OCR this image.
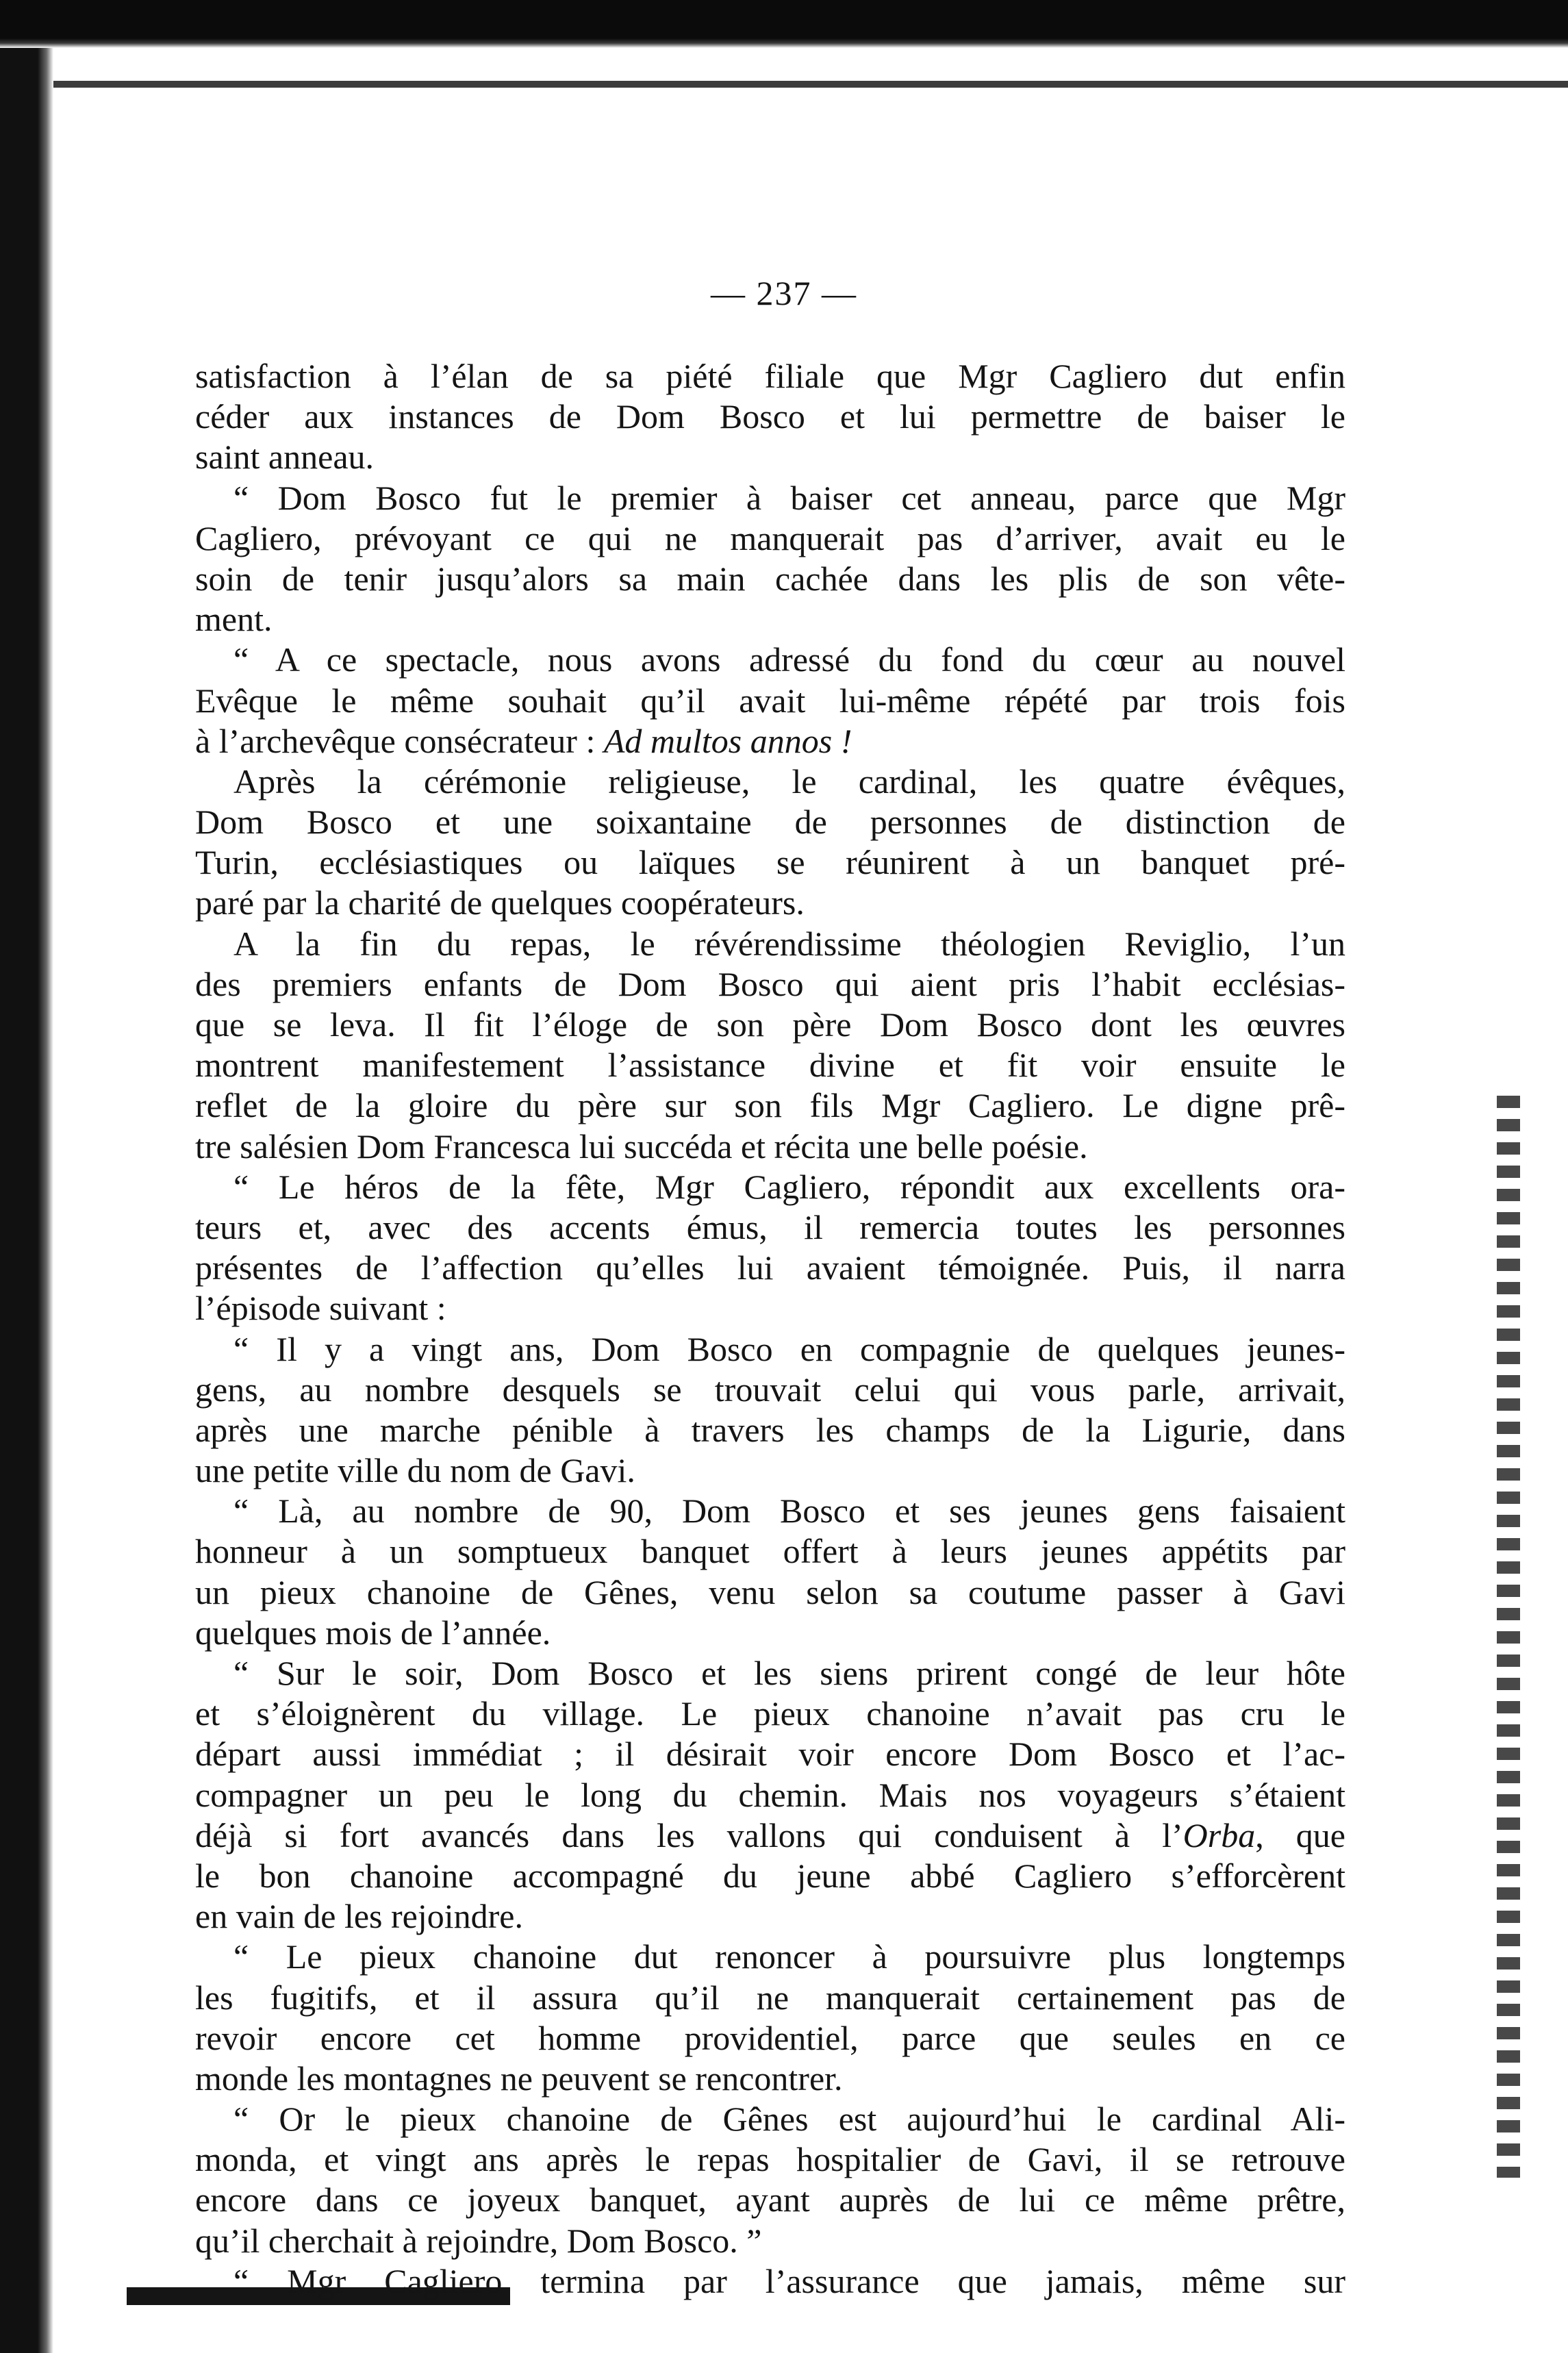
— 237 —
satisfaction à l’élan de sa piété filiale que Mgr Cagliero dut enfin
céder aux instances de Dom Bosco et lui permettre de baiser le
saint anneau.
“ Dom Bosco fut le premier à baiser cet anneau, parce que Mgr
Cagliero, prévoyant ce qui ne manquerait pas d’arriver, avait eu le
soin de tenir jusqu’alors sa main cachée dans les plis de son vête-
ment.
“ A ce spectacle, nous avons adressé du fond du cœur au nouvel
Evêque le même souhait qu’il avait lui-même répété par trois fois
à l’archevêque consécrateur : Ad multos annos !
Après la cérémonie religieuse, le cardinal, les quatre évêques,
Dom Bosco et une soixantaine de personnes de distinction de
Turin, ecclésiastiques ou laïques se réunirent à un banquet pré-
paré par la charité de quelques coopérateurs.
A la fin du repas, le révérendissime théologien Reviglio, l’un
des premiers enfants de Dom Bosco qui aient pris l’habit ecclésias-
que se leva. Il fit l’éloge de son père Dom Bosco dont les œuvres
montrent manifestement l’assistance divine et fit voir ensuite le
reflet de la gloire du père sur son fils Mgr Cagliero. Le digne prê-
tre salésien Dom Francesca lui succéda et récita une belle poésie.
“ Le héros de la fête, Mgr Cagliero, répondit aux excellents ora-
teurs et, avec des accents émus, il remercia toutes les personnes
présentes de l’affection qu’elles lui avaient témoignée. Puis, il narra
l’épisode suivant :
“ Il y a vingt ans, Dom Bosco en compagnie de quelques jeunes-
gens, au nombre desquels se trouvait celui qui vous parle, arrivait,
après une marche pénible à travers les champs de la Ligurie, dans
une petite ville du nom de Gavi.
“ Là, au nombre de 90, Dom Bosco et ses jeunes gens faisaient
honneur à un somptueux banquet offert à leurs jeunes appétits par
un pieux chanoine de Gênes, venu selon sa coutume passer à Gavi
quelques mois de l’année.
“ Sur le soir, Dom Bosco et les siens prirent congé de leur hôte
et s’éloignèrent du village. Le pieux chanoine n’avait pas cru le
départ aussi immédiat ; il désirait voir encore Dom Bosco et l’ac-
compagner un peu le long du chemin. Mais nos voyageurs s’étaient
déjà si fort avancés dans les vallons qui conduisent à l’Orba, que
le bon chanoine accompagné du jeune abbé Cagliero s’efforcèrent
en vain de les rejoindre.
“ Le pieux chanoine dut renoncer à poursuivre plus longtemps
les fugitifs, et il assura qu’il ne manquerait certainement pas de
revoir encore cet homme providentiel, parce que seules en ce
monde les montagnes ne peuvent se rencontrer.
“ Or le pieux chanoine de Gênes est aujourd’hui le cardinal Ali-
monda, et vingt ans après le repas hospitalier de Gavi, il se retrouve
encore dans ce joyeux banquet, ayant auprès de lui ce même prêtre,
qu’il cherchait à rejoindre, Dom Bosco. ”
“ Mgr Cagliero termina par l’assurance que jamais, même sur
